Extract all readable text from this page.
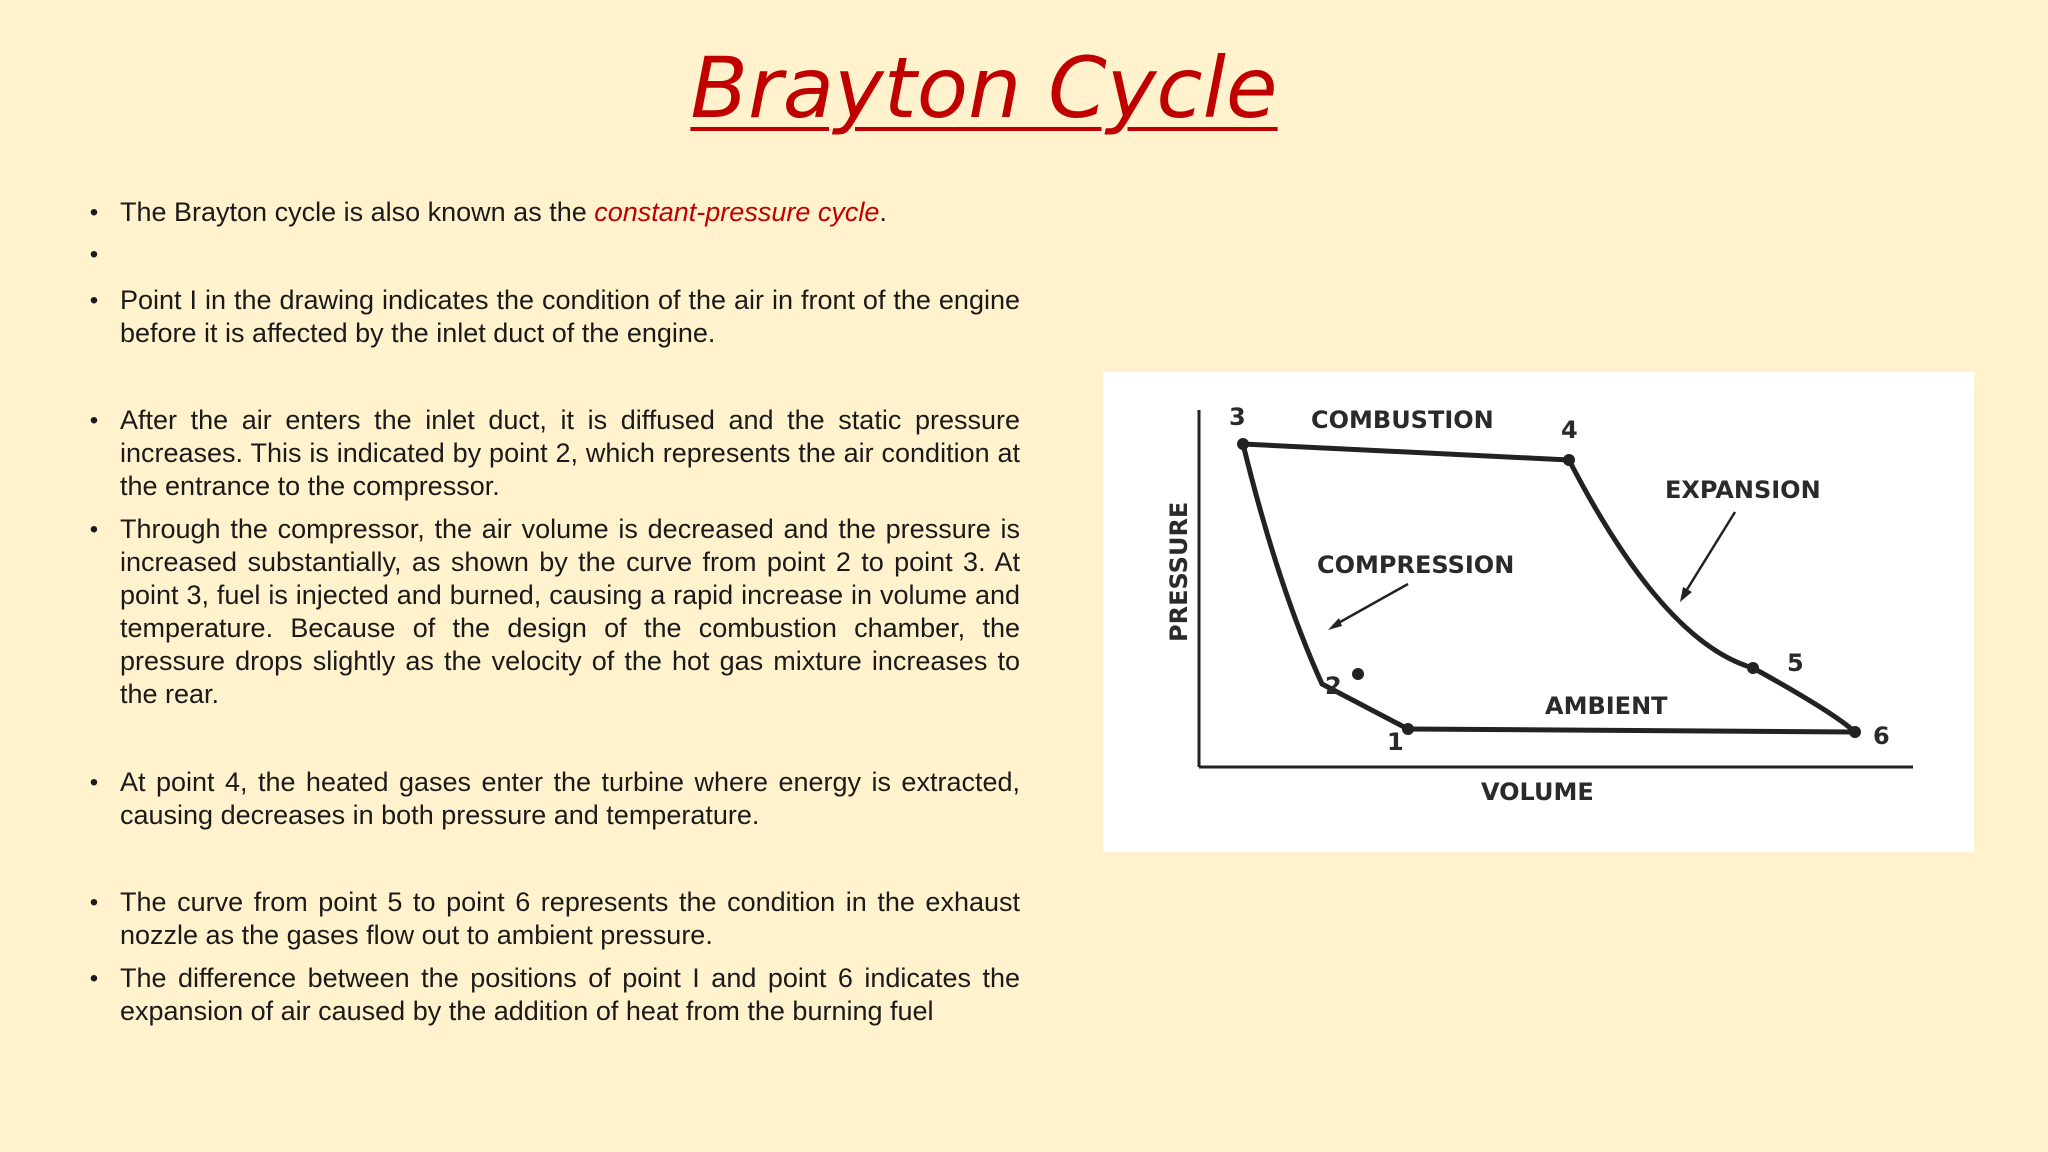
Brayton Cycle
• The Brayton cycle is also known as the constant-pressure cycle.
•
• Point I in the drawing indicates the condition of the air in front of the engine before it is affected by the inlet duct of the engine.
• After the air enters the inlet duct, it is diffused and the static pressure increases. This is indicated by point 2, which represents the air condition at the entrance to the compressor.
• Through the compressor, the air volume is decreased and the pressure is increased substantially, as shown by the curve from point 2 to point 3. At point 3, fuel is injected and burned, causing a rapid increase in volume and temperature. Because of the design of the combustion chamber, the pressure drops slightly as the velocity of the hot gas mixture increases to the rear.
• At point 4, the heated gases enter the turbine where energy is extracted, causing decreases in both pressure and temperature.
• The curve from point 5 to point 6 represents the condition in the exhaust nozzle as the gases flow out to ambient pressure.
• The difference between the positions of point I and point 6 indicates the expansion of air caused by the addition of heat from the burning fuel
3	4
2
1
5
6
COMBUSTION
EXPANSION
COMPRESSION
AMBIENT
VOLUME
PRESSURE
